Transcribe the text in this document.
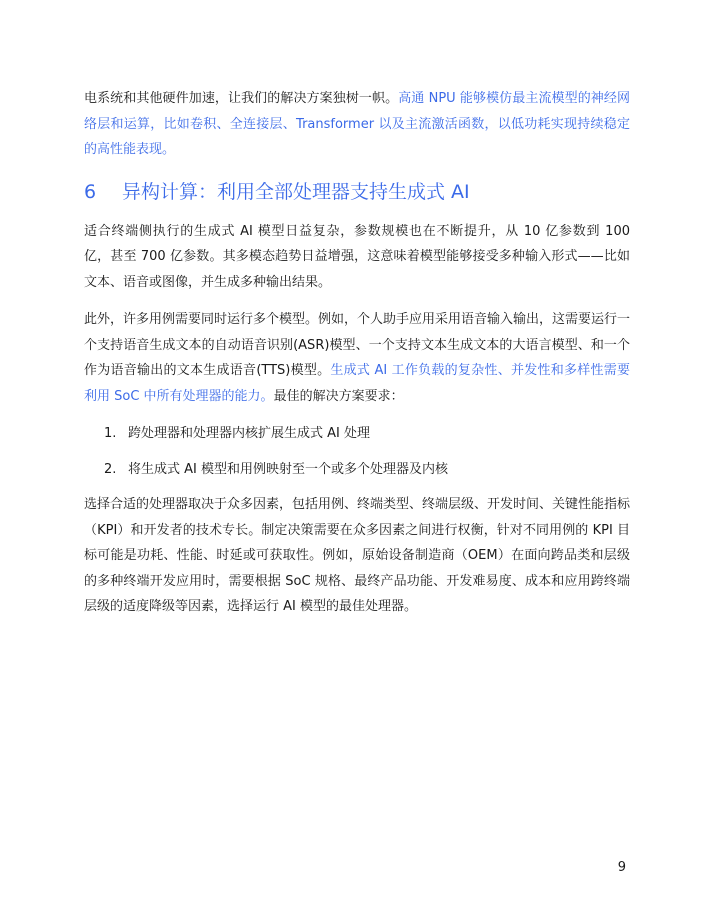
电系统和其他硬件加速，让我们的解决方案独树一帜。高通 NPU 能够模仿最主流模型的神经网络层和运算，比如卷积、全连接层、Transformer 以及主流激活函数，以低功耗实现持续稳定的高性能表现。

6 异构计算：利用全部处理器支持生成式 AI

适合终端侧执行的生成式 AI 模型日益复杂，参数规模也在不断提升，从 10 亿参数到 100 亿，甚至 700 亿参数。其多模态趋势日益增强，这意味着模型能够接受多种输入形式——比如文本、语音或图像，并生成多种输出结果。

此外，许多用例需要同时运行多个模型。例如，个人助手应用采用语音输入输出，这需要运行一个支持语音生成文本的自动语音识别(ASR)模型、一个支持文本生成文本的大语言模型、和一个作为语音输出的文本生成语音(TTS)模型。生成式 AI 工作负载的复杂性、并发性和多样性需要利用 SoC 中所有处理器的能力。最佳的解决方案要求：

1. 跨处理器和处理器内核扩展生成式 AI 处理
2. 将生成式 AI 模型和用例映射至一个或多个处理器及内核

选择合适的处理器取决于众多因素，包括用例、终端类型、终端层级、开发时间、关键性能指标（KPI）和开发者的技术专长。制定决策需要在众多因素之间进行权衡，针对不同用例的 KPI 目标可能是功耗、性能、时延或可获取性。例如，原始设备制造商（OEM）在面向跨品类和层级的多种终端开发应用时，需要根据 SoC 规格、最终产品功能、开发难易度、成本和应用跨终端层级的适度降级等因素，选择运行 AI 模型的最佳处理器。

9
